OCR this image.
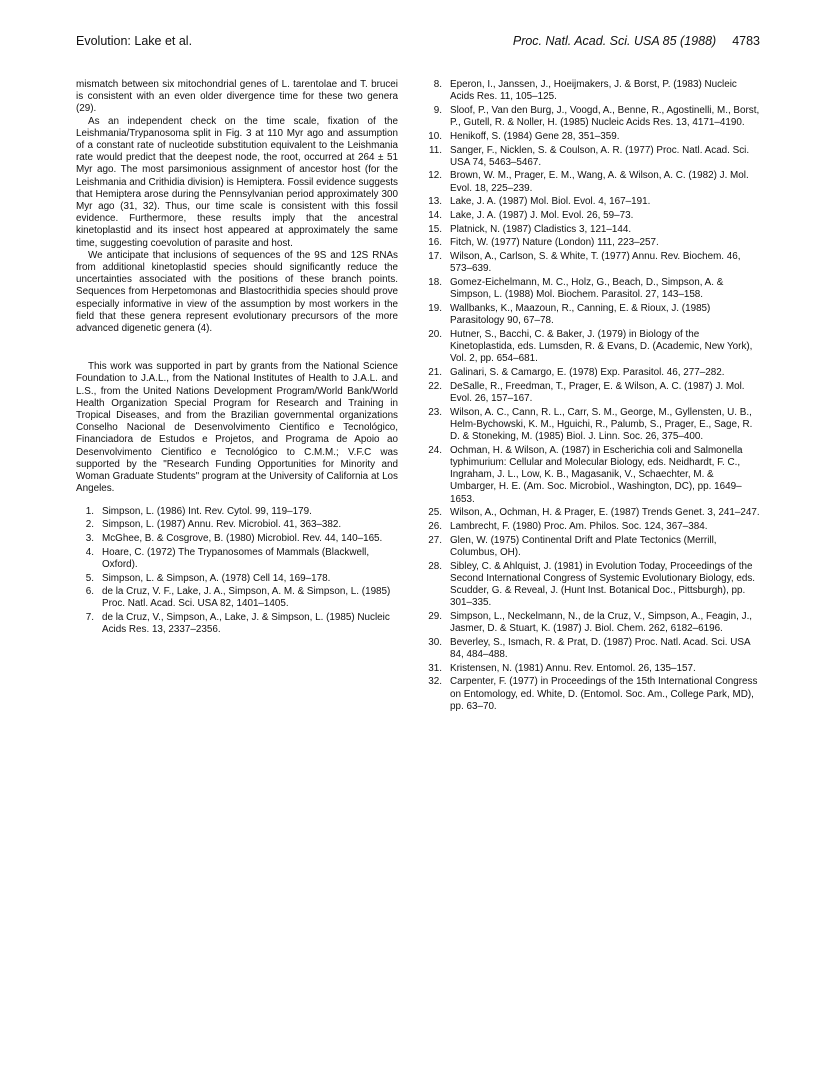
Evolution: Lake et al.	Proc. Natl. Acad. Sci. USA 85 (1988) 4783

mismatch between six mitochondrial genes of L. tarentolae and T. brucei is consistent with an even older divergence time for these two genera (29).

As an independent check on the time scale, fixation of the Leishmania/Trypanosoma split in Fig. 3 at 110 Myr ago and assumption of a constant rate of nucleotide substitution equivalent to the Leishmania rate would predict that the deepest node, the root, occurred at 264 ± 51 Myr ago. The most parsimonious assignment of ancestor host (for the Leishmania and Crithidia division) is Hemiptera. Fossil evidence suggests that Hemiptera arose during the Pennsylvanian period approximately 300 Myr ago (31, 32). Thus, our time scale is consistent with this fossil evidence. Furthermore, these results imply that the ancestral kinetoplastid and its insect host appeared at approximately the same time, suggesting coevolution of parasite and host.

We anticipate that inclusions of sequences of the 9S and 12S RNAs from additional kinetoplastid species should significantly reduce the uncertainties associated with the positions of these branch points. Sequences from Herpetomonas and Blastocrithidia species should prove especially informative in view of the assumption by most workers in the field that these genera represent evolutionary precursors of the more advanced digenetic genera (4).

This work was supported in part by grants from the National Science Foundation to J.A.L., from the National Institutes of Health to J.A.L. and L.S., from the United Nations Development Program/World Bank/World Health Organization Special Program for Research and Training in Tropical Diseases, and from the Brazilian governmental organizations Conselho Nacional de Desenvolvimento Cientifico e Tecnológico, Financiadora de Estudos e Projetos, and Programa de Apoio ao Desenvolvimento Cientifico e Tecnológico to C.M.M.; V.F.C was supported by the "Research Funding Opportunities for Minority and Woman Graduate Students" program at the University of California at Los Angeles.

1. Simpson, L. (1986) Int. Rev. Cytol. 99, 119–179.
2. Simpson, L. (1987) Annu. Rev. Microbiol. 41, 363–382.
3. McGhee, B. & Cosgrove, B. (1980) Microbiol. Rev. 44, 140–165.
4. Hoare, C. (1972) The Trypanosomes of Mammals (Blackwell, Oxford).
5. Simpson, L. & Simpson, A. (1978) Cell 14, 169–178.
6. de la Cruz, V. F., Lake, J. A., Simpson, A. M. & Simpson, L. (1985) Proc. Natl. Acad. Sci. USA 82, 1401–1405.
7. de la Cruz, V., Simpson, A., Lake, J. & Simpson, L. (1985) Nucleic Acids Res. 13, 2337–2356.
8. Eperon, I., Janssen, J., Hoeijmakers, J. & Borst, P. (1983) Nucleic Acids Res. 11, 105–125.
9. Sloof, P., Van den Burg, J., Voogd, A., Benne, R., Agostinelli, M., Borst, P., Gutell, R. & Noller, H. (1985) Nucleic Acids Res. 13, 4171–4190.
10. Henikoff, S. (1984) Gene 28, 351–359.
11. Sanger, F., Nicklen, S. & Coulson, A. R. (1977) Proc. Natl. Acad. Sci. USA 74, 5463–5467.
12. Brown, W. M., Prager, E. M., Wang, A. & Wilson, A. C. (1982) J. Mol. Evol. 18, 225–239.
13. Lake, J. A. (1987) Mol. Biol. Evol. 4, 167–191.
14. Lake, J. A. (1987) J. Mol. Evol. 26, 59–73.
15. Platnick, N. (1987) Cladistics 3, 121–144.
16. Fitch, W. (1977) Nature (London) 111, 223–257.
17. Wilson, A., Carlson, S. & White, T. (1977) Annu. Rev. Biochem. 46, 573–639.
18. Gomez-Eichelmann, M. C., Holz, G., Beach, D., Simpson, A. & Simpson, L. (1988) Mol. Biochem. Parasitol. 27, 143–158.
19. Wallbanks, K., Maazoun, R., Canning, E. & Rioux, J. (1985) Parasitology 90, 67–78.
20. Hutner, S., Bacchi, C. & Baker, J. (1979) in Biology of the Kinetoplastida, eds. Lumsden, R. & Evans, D. (Academic, New York), Vol. 2, pp. 654–681.
21. Galinari, S. & Camargo, E. (1978) Exp. Parasitol. 46, 277–282.
22. DeSalle, R., Freedman, T., Prager, E. & Wilson, A. C. (1987) J. Mol. Evol. 26, 157–167.
23. Wilson, A. C., Cann, R. L., Carr, S. M., George, M., Gyllensten, U. B., Helm-Bychowski, K. M., Hguichi, R., Palumb, S., Prager, E., Sage, R. D. & Stoneking, M. (1985) Biol. J. Linn. Soc. 26, 375–400.
24. Ochman, H. & Wilson, A. (1987) in Escherichia coli and Salmonella typhimurium: Cellular and Molecular Biology, eds. Neidhardt, F. C., Ingraham, J. L., Low, K. B., Magasanik, V., Schaechter, M. & Umbarger, H. E. (Am. Soc. Microbiol., Washington, DC), pp. 1649–1653.
25. Wilson, A., Ochman, H. & Prager, E. (1987) Trends Genet. 3, 241–247.
26. Lambrecht, F. (1980) Proc. Am. Philos. Soc. 124, 367–384.
27. Glen, W. (1975) Continental Drift and Plate Tectonics (Merrill, Columbus, OH).
28. Sibley, C. & Ahlquist, J. (1981) in Evolution Today, Proceedings of the Second International Congress of Systemic Evolutionary Biology, eds. Scudder, G. & Reveal, J. (Hunt Inst. Botanical Doc., Pittsburgh), pp. 301–335.
29. Simpson, L., Neckelmann, N., de la Cruz, V., Simpson, A., Feagin, J., Jasmer, D. & Stuart, K. (1987) J. Biol. Chem. 262, 6182–6196.
30. Beverley, S., Ismach, R. & Prat, D. (1987) Proc. Natl. Acad. Sci. USA 84, 484–488.
31. Kristensen, N. (1981) Annu. Rev. Entomol. 26, 135–157.
32. Carpenter, F. (1977) in Proceedings of the 15th International Congress on Entomology, ed. White, D. (Entomol. Soc. Am., College Park, MD), pp. 63–70.
